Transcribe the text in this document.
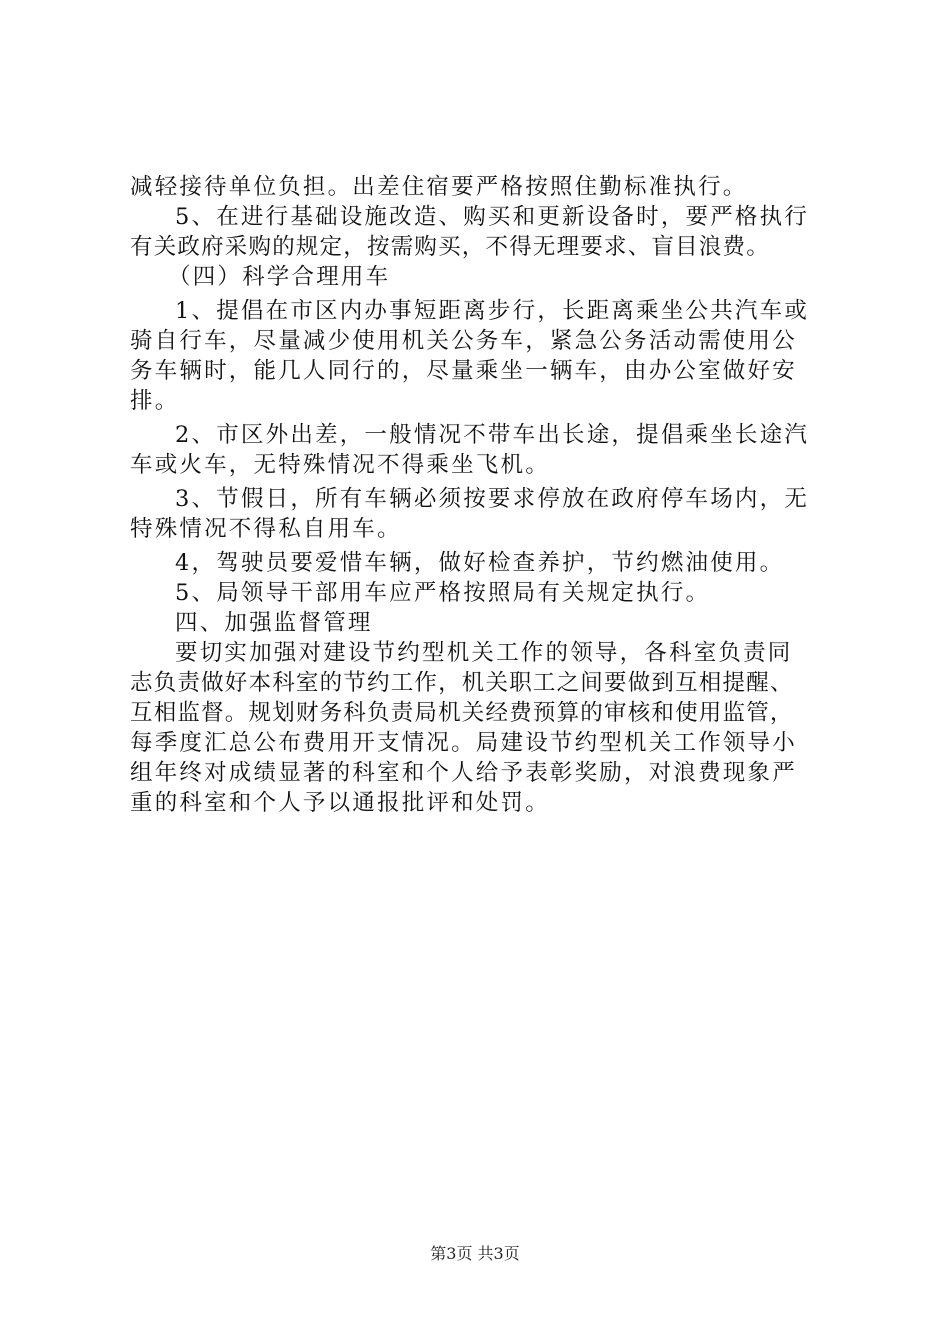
减轻接待单位负担。出差住宿要严格按照住勤标准执行。
5、在进行基础设施改造、购买和更新设备时，要严格执行
有关政府采购的规定，按需购买，不得无理要求、盲目浪费。
（四）科学合理用车
1、提倡在市区内办事短距离步行，长距离乘坐公共汽车或
骑自行车，尽量减少使用机关公务车，紧急公务活动需使用公
务车辆时，能几人同行的，尽量乘坐一辆车，由办公室做好安
排。
2、市区外出差，一般情况不带车出长途，提倡乘坐长途汽
车或火车，无特殊情况不得乘坐飞机。
3、节假日，所有车辆必须按要求停放在政府停车场内，无
特殊情况不得私自用车。
4，驾驶员要爱惜车辆，做好检查养护，节约燃油使用。
5、局领导干部用车应严格按照局有关规定执行。
四、加强监督管理
要切实加强对建设节约型机关工作的领导，各科室负责同
志负责做好本科室的节约工作，机关职工之间要做到互相提醒、
互相监督。规划财务科负责局机关经费预算的审核和使用监管，
每季度汇总公布费用开支情况。局建设节约型机关工作领导小
组年终对成绩显著的科室和个人给予表彰奖励，对浪费现象严
重的科室和个人予以通报批评和处罚。
第3页 共3页
